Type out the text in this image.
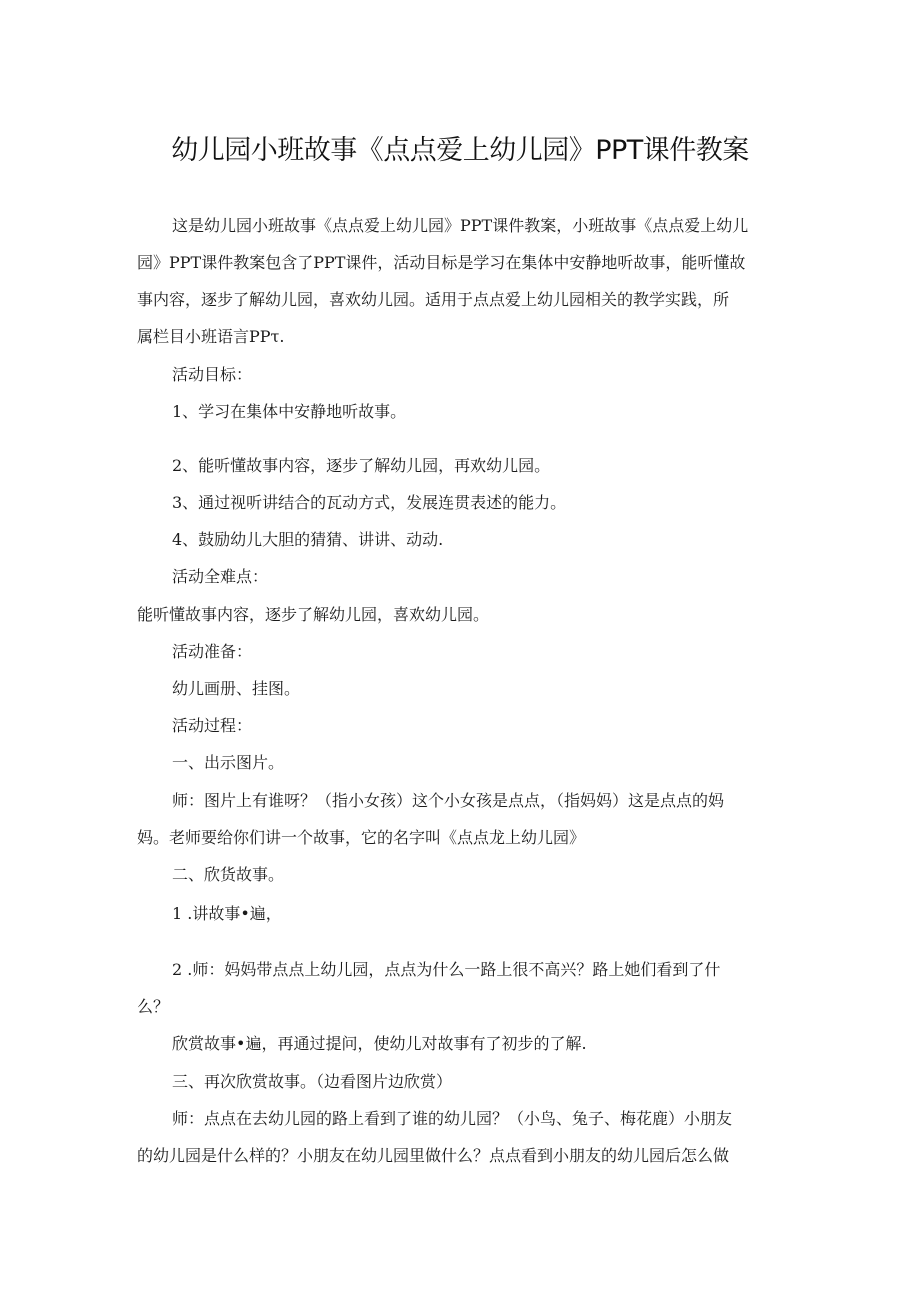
幼儿园小班故事《点点爱上幼儿园》PPT课件教案

这是幼儿园小班故事《点点爱上幼儿园》PPT课件教案，小班故事《点点爱上幼儿

园》PPT课件教案包含了PPT课件，活动目标是学习在集体中安静地听故事，能听懂故

事内容，逐步了解幼儿园，喜欢幼儿园。适用于点点爱上幼儿园相关的教学实践，所

属栏目小班语言PPτ.

活动目标：

1、学习在集体中安静地听故事。

2、能听懂故事内容，逐步了解幼儿园，再欢幼儿园。

3、通过视听讲结合的瓦动方式，发展连贯表述的能力。

4、鼓励幼儿大胆的猜猜、讲讲、动动.

活动全难点：

能听懂故事内容，逐步了解幼儿园，喜欢幼儿园。

活动准备：

幼儿画册、挂图。

活动过程：

一、出示图片。

师：图片上有谁呀？（指小女孩）这个小女孩是点点，（指妈妈）这是点点的妈

妈。老师要给你们讲一个故事，它的名字叫《点点龙上幼儿园》

二、欣货故事。

1 .讲故事•遍，

2 .师：妈妈带点点上幼儿园，点点为什么一路上很不高兴？路上她们看到了什

么？

欣赏故事•遍，再通过提问，使幼儿对故事有了初步的了解.

三、再次欣赏故事。（边看图片边欣赏）

师：点点在去幼儿园的路上看到了谁的幼儿园？（小鸟、兔子、梅花鹿）小朋友

的幼儿园是什么样的？小朋友在幼儿园里做什么？点点看到小朋友的幼儿园后怎么做
